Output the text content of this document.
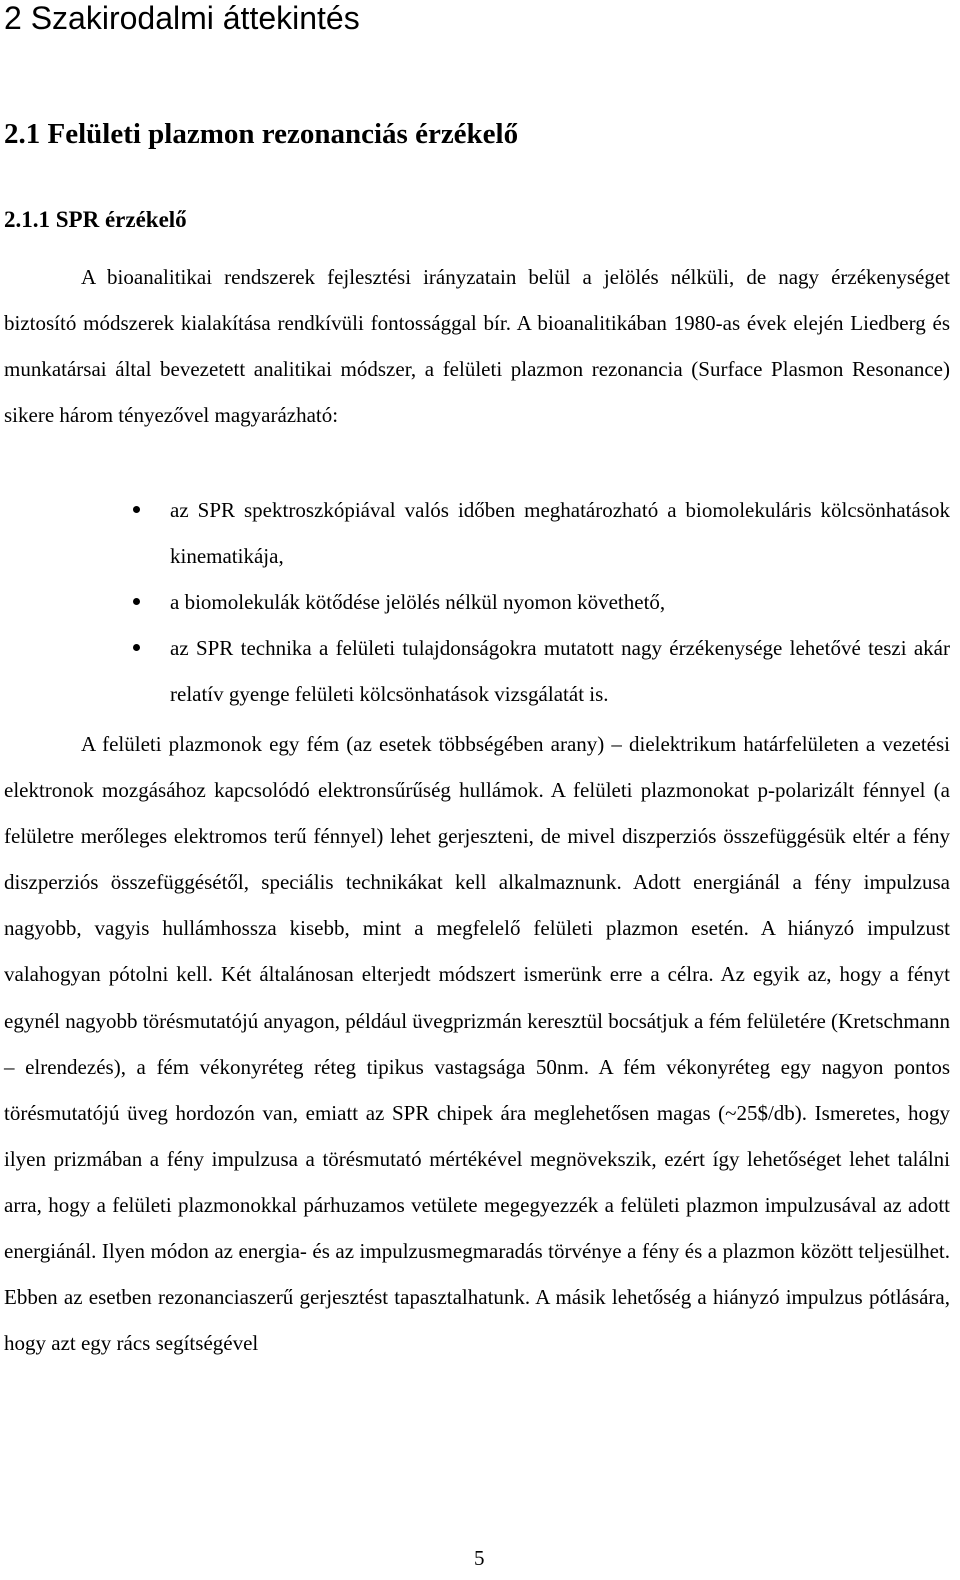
2 Szakirodalmi áttekintés
2.1 Felületi plazmon rezonanciás érzékelő
2.1.1 SPR érzékelő

A bioanalitikai rendszerek fejlesztési irányzatain belül a jelölés nélküli, de nagy érzékenységet biztosító módszerek kialakítása rendkívüli fontossággal bír. A bioanalitikában 1980-as évek elején Liedberg és munkatársai által bevezetett analitikai módszer, a felületi plazmon rezonancia (Surface Plasmon Resonance) sikere három tényezővel magyarázható:

az SPR spektroszkópiával valós időben meghatározható a biomolekuláris kölcsönhatások kinematikája,
a biomolekulák kötődése jelölés nélkül nyomon követhető,
az SPR technika a felületi tulajdonságokra mutatott nagy érzékenysége lehetővé teszi akár relatív gyenge felületi kölcsönhatások vizsgálatát is.

A felületi plazmonok egy fém (az esetek többségében arany) – dielektrikum határfelületen a vezetési elektronok mozgásához kapcsolódó elektronsűrűség hullámok. A felületi plazmonokat p-polarizált fénnyel (a felületre merőleges elektromos terű fénnyel) lehet gerjeszteni, de mivel diszperziós összefüggésük eltér a fény diszperziós összefüggésétől, speciális technikákat kell alkalmaznunk. Adott energiánál a fény impulzusa nagyobb, vagyis hullámhossza kisebb, mint a megfelelő felületi plazmon esetén. A hiányzó impulzust valahogyan pótolni kell. Két általánosan elterjedt módszert ismerünk erre a célra. Az egyik az, hogy a fényt egynél nagyobb törésmutatójú anyagon, például üvegprizmán keresztül bocsátjuk a fém felületére (Kretschmann – elrendezés), a fém vékonyréteg réteg tipikus vastagsága 50nm. A fém vékonyréteg egy nagyon pontos törésmutatójú üveg hordozón van, emiatt az SPR chipek ára meglehetősen magas (~25$/db). Ismeretes, hogy ilyen prizmában a fény impulzusa a törésmutató mértékével megnövekszik, ezért így lehetőséget lehet találni arra, hogy a felületi plazmonokkal párhuzamos vetülete megegyezzék a felületi plazmon impulzusával az adott energiánál. Ilyen módon az energia- és az impulzusmegmaradás törvénye a fény és a plazmon között teljesülhet. Ebben az esetben rezonanciaszerű gerjesztést tapasztalhatunk. A másik lehetőség a hiányzó impulzus pótlására, hogy azt egy rács segítségével

5
